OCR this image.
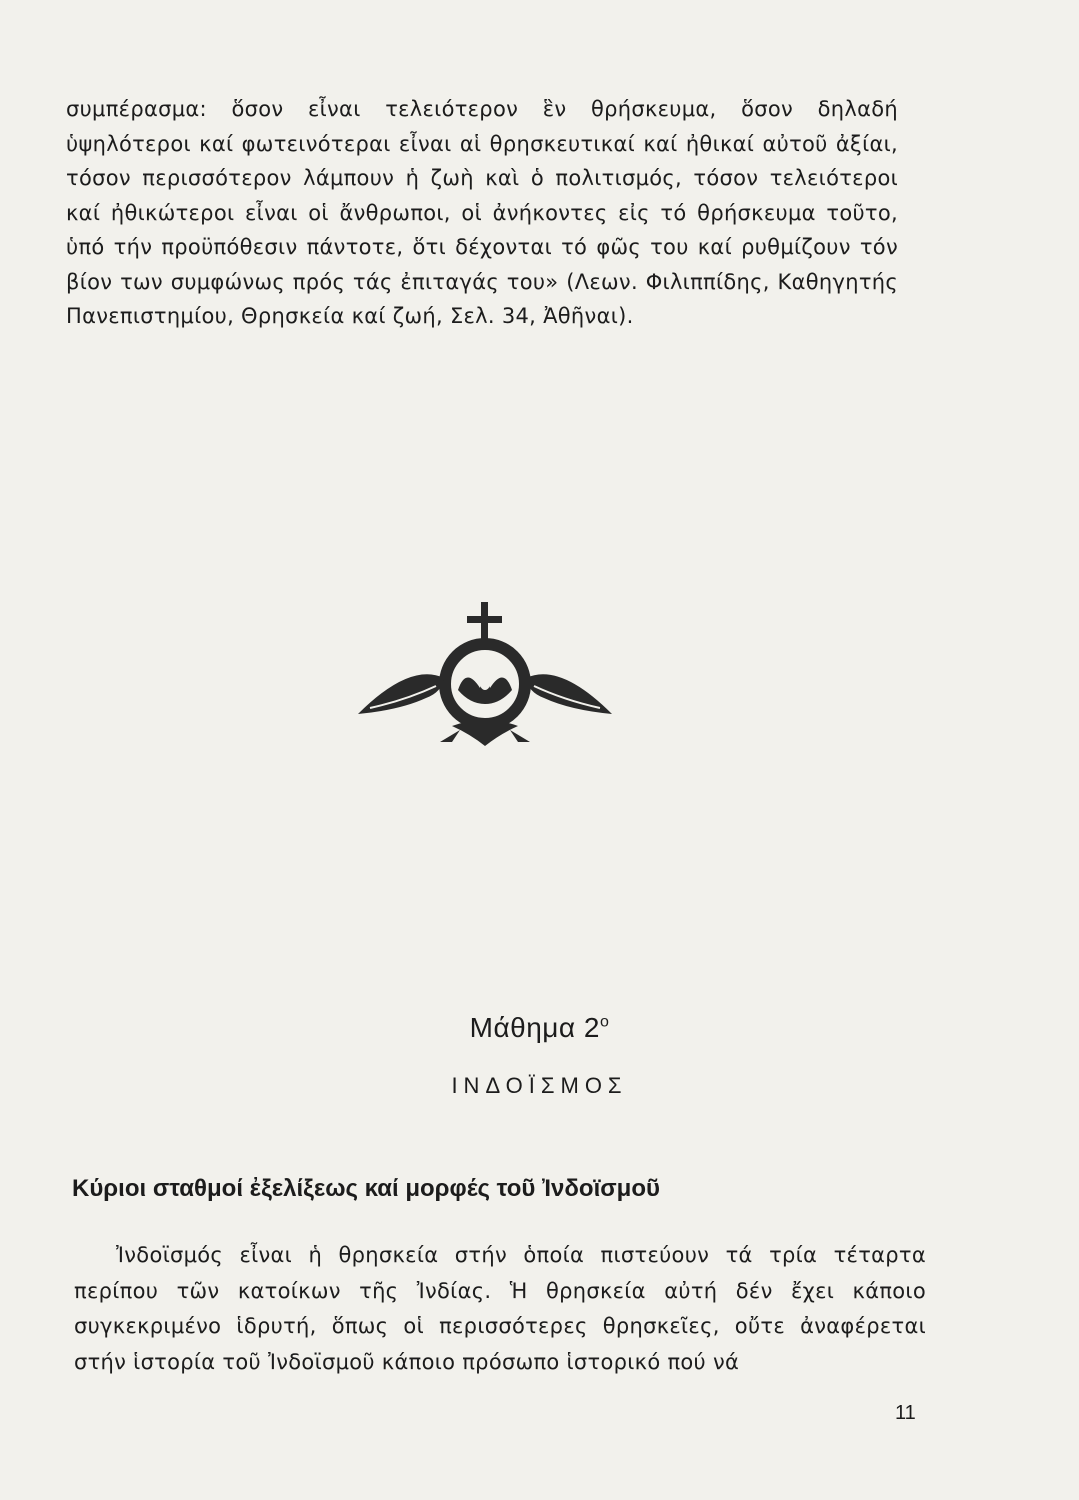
συμπέρασμα: ὅσον εἶναι τελειότερον ἓν θρήσκευμα, ὅσον δηλαδή ὑψηλότεροι καί φωτεινότεραι εἶναι αἱ θρησκευτικαί καί ἠθικαί αὐτοῦ ἀξίαι, τόσον περισσότερον λάμπουν ἡ ζωὴ καὶ ὁ πολιτισμός, τόσον τελειότεροι καί ἠθικώτεροι εἶναι οἱ ἄνθρωποι, οἱ ἀνήκοντες εἰς τό θρήσκευμα τοῦτο, ὑπό τήν προϋπόθεσιν πάντοτε, ὅτι δέχονται τό φῶς του καί ρυθμίζουν τόν βίον των συμφώνως πρός τάς ἐπιταγάς του» (Λεων. Φιλιππίδης, Καθηγητής Πανεπιστημίου, Θρησκεία καί ζωή, Σελ. 34, Ἀθῆναι).

Μάθημα $2^o$
ΙΝΔΟΪΣΜΟΣ
Κύριοι σταθμοί ἐξελίξεως καί μορφές τοῦ Ἰνδοϊσμοῦ

Ἰνδοϊσμός εἶναι ἡ θρησκεία στήν ὁποία πιστεύουν τά τρία τέταρτα περίπου τῶν κατοίκων τῆς Ἰνδίας. Ἡ θρησκεία αὐτή δέν ἔχει κάποιο συγκεκριμένο ἱδρυτή, ὅπως οἱ περισσότερες θρησκεῖες, οὔτε ἀναφέρεται στήν ἱστορία τοῦ Ἰνδοϊσμοῦ κάποιο πρόσωπο ἱστορικό πού νά

11
